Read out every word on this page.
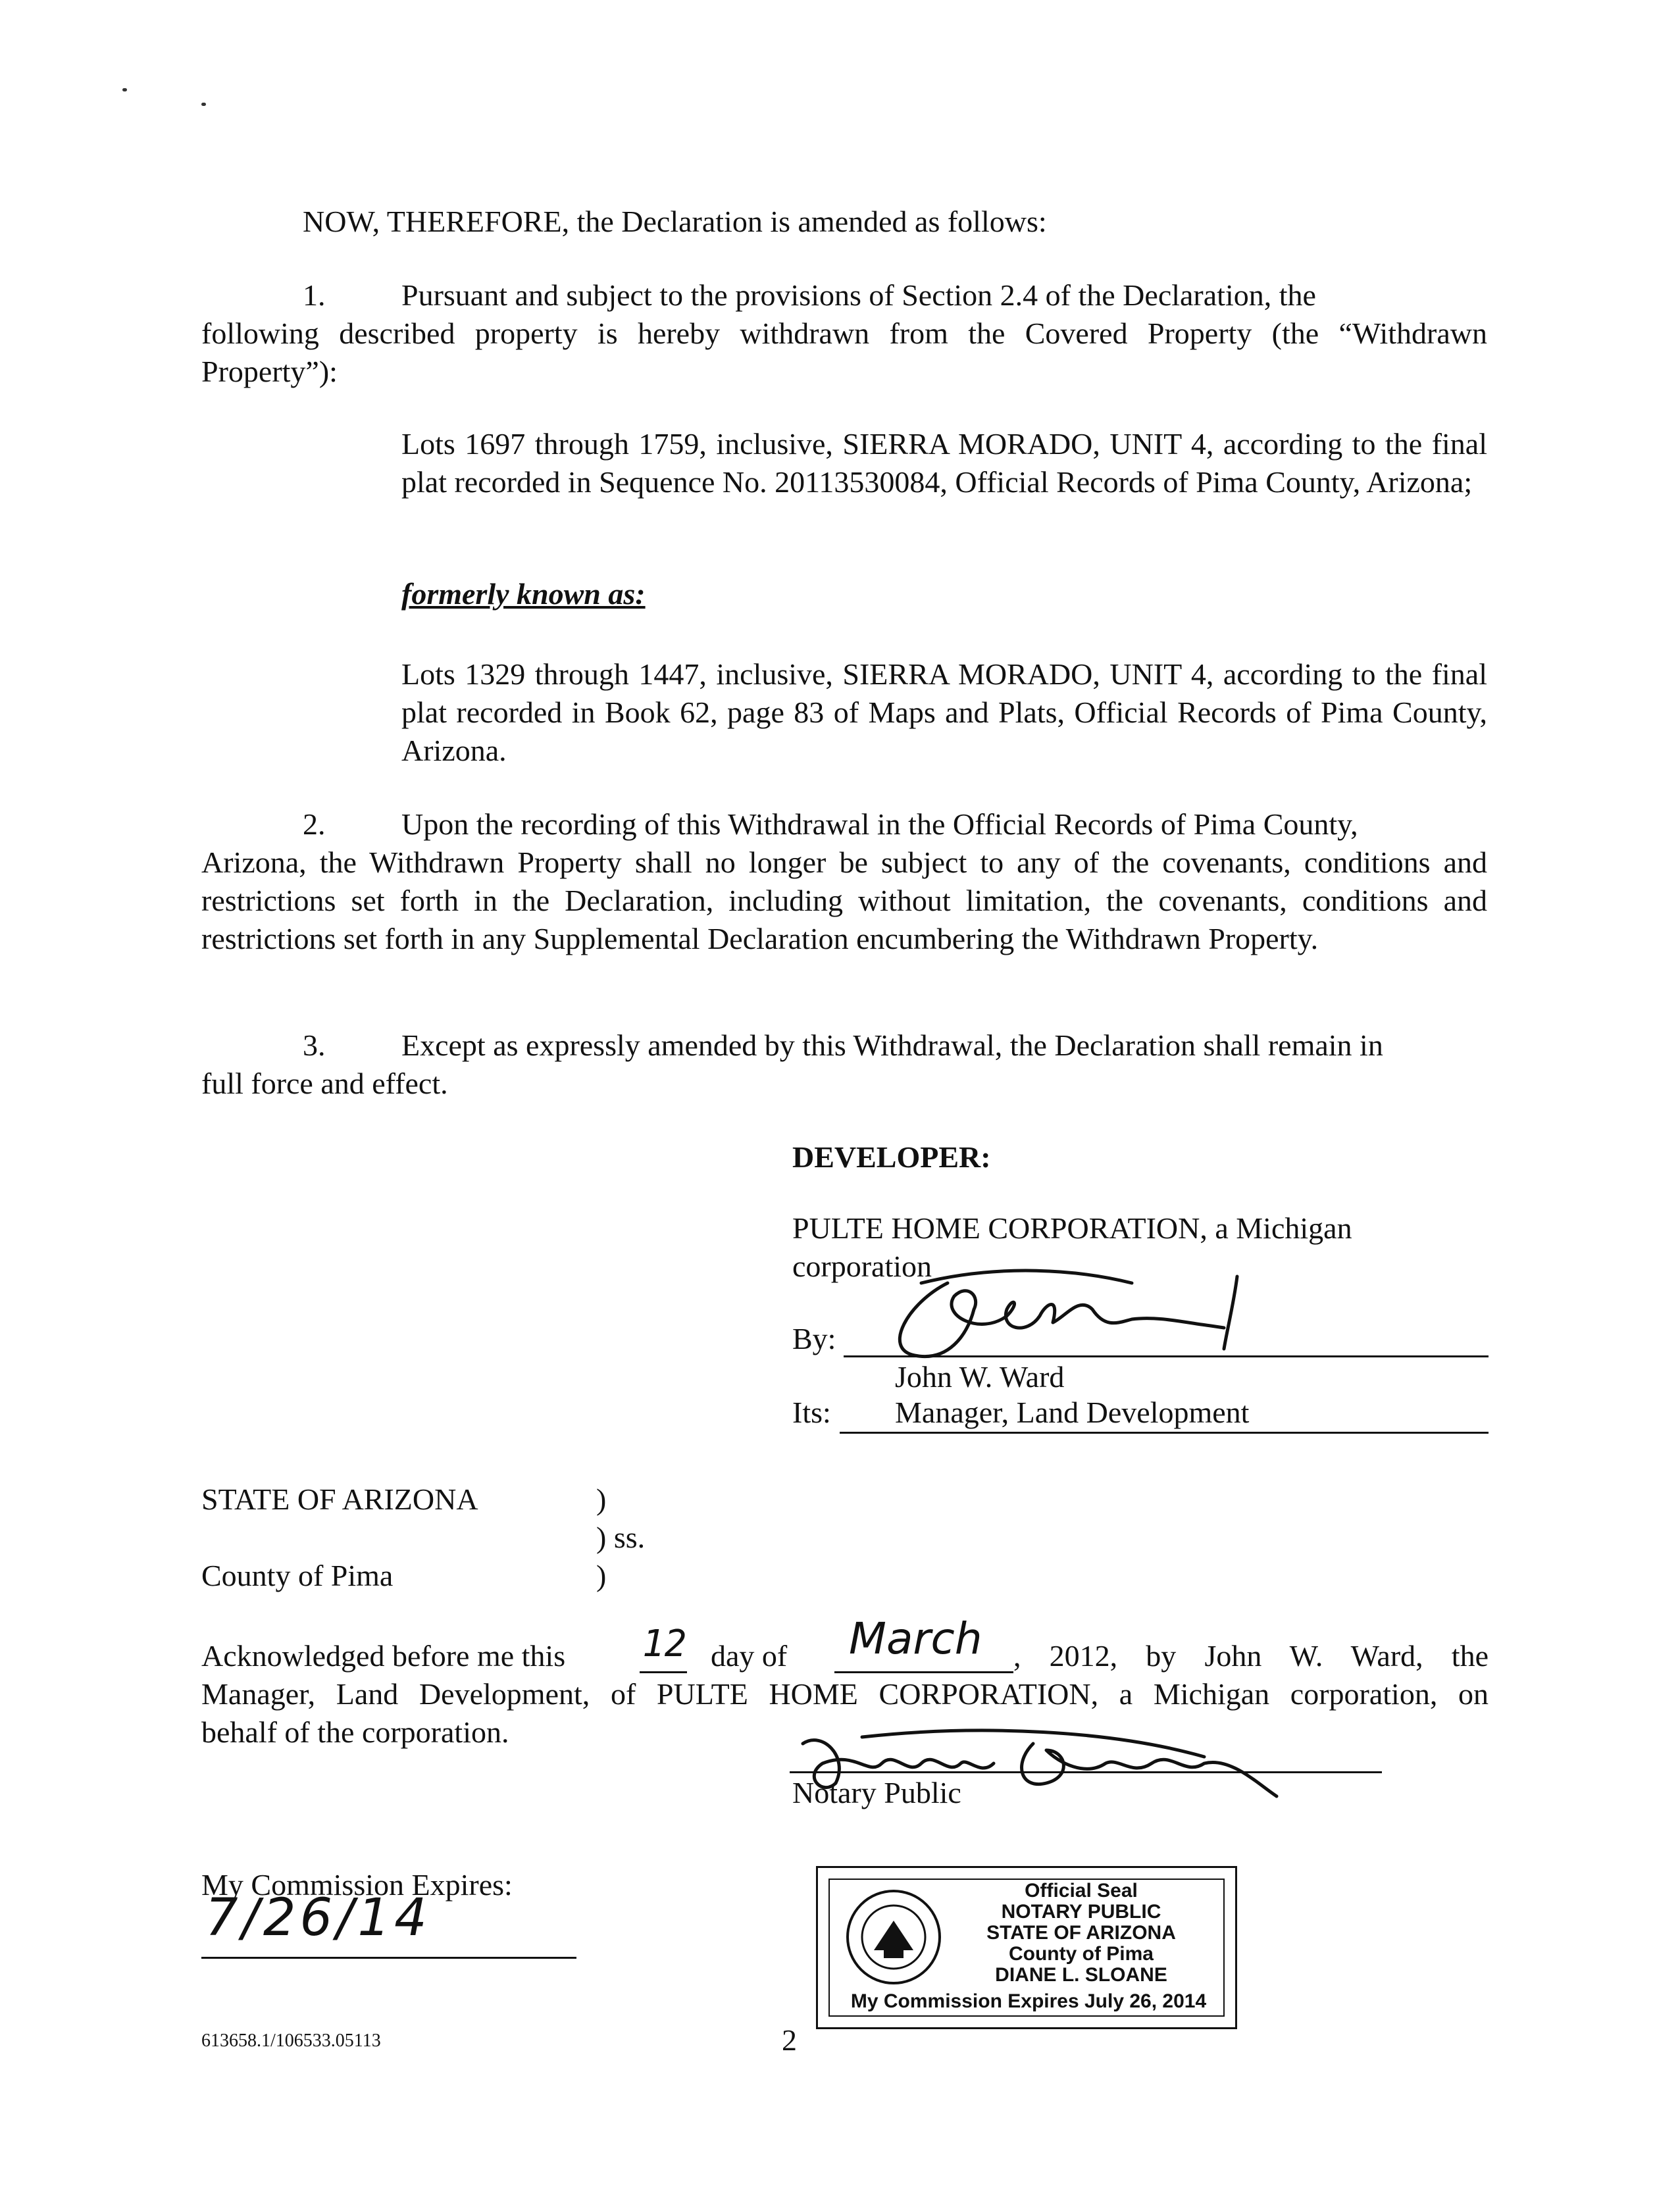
NOW, THEREFORE, the Declaration is amended as follows:
1.	Pursuant and subject to the provisions of Section 2.4 of the Declaration, the
following described property is hereby withdrawn from the Covered Property (the “Withdrawn Property”):
Lots 1697 through 1759, inclusive, SIERRA MORADO, UNIT 4, according to the final plat recorded in Sequence No. 20113530084, Official Records of Pima County, Arizona;
formerly known as:
Lots 1329 through 1447, inclusive, SIERRA MORADO, UNIT 4, according to the final plat recorded in Book 62, page 83 of Maps and Plats, Official Records of Pima County, Arizona.
2.	Upon the recording of this Withdrawal in the Official Records of Pima County,
Arizona, the Withdrawn Property shall no longer be subject to any of the covenants, conditions and restrictions set forth in the Declaration, including without limitation, the covenants, conditions and restrictions set forth in any Supplemental Declaration encumbering the Withdrawn Property.
3.	Except as expressly amended by this Withdrawal, the Declaration shall remain in
full force and effect.
DEVELOPER:
PULTE HOME CORPORATION, a Michigan
corporation
By:
John W. Ward
Its: Manager, Land Development
STATE OF ARIZONA	)
) ss.
County of Pima	)
Acknowledged before me this 12 day of March , 2012, by John W. Ward, the
Manager, Land Development, of PULTE HOME CORPORATION, a Michigan corporation, on
behalf of the corporation.
Notary Public
My Commission Expires:
7/26/14	Official Seal
NOTARY PUBLIC
STATE OF ARIZONA
County of Pima
DIANE L. SLOANE
My Commission Expires July 26, 2014
613658.1/106533.05113	2
